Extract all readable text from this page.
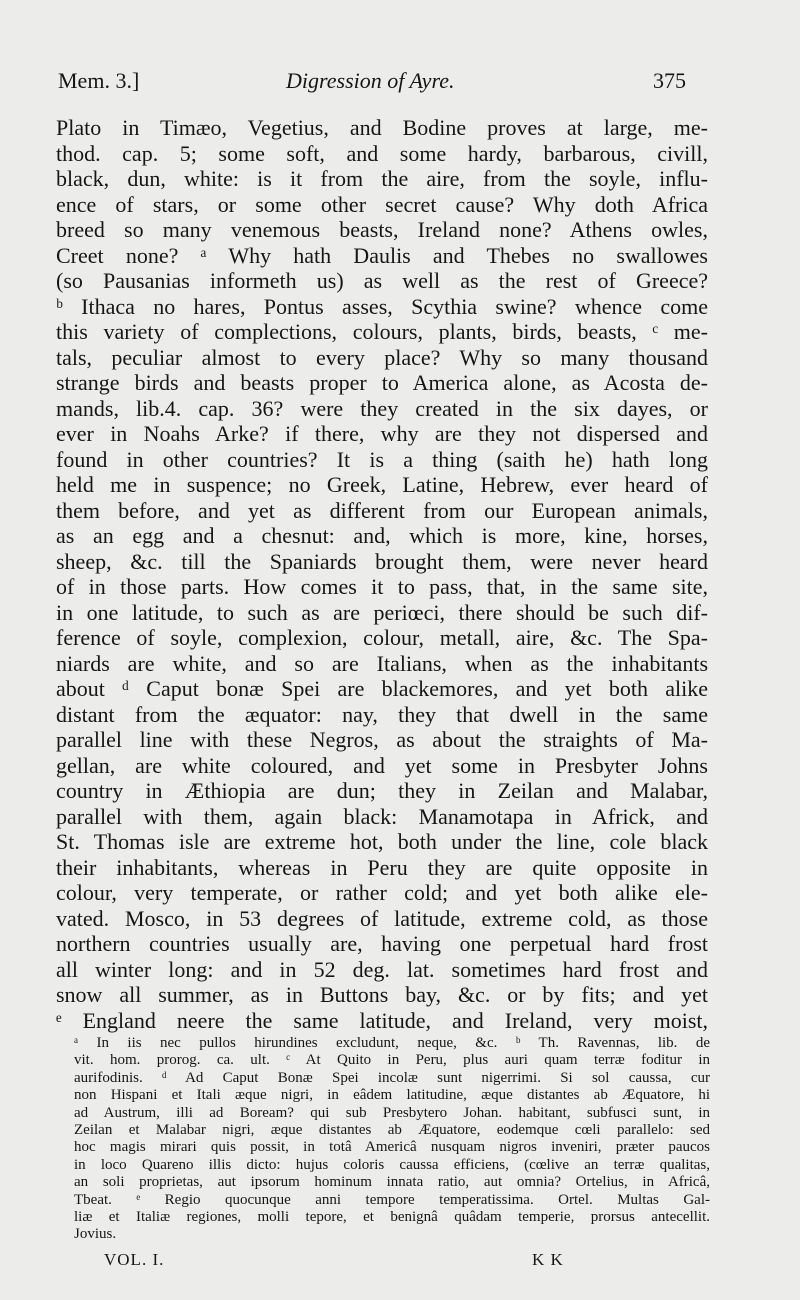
Mem. 3.]	Digression of Ayre.	375
Plato in Timæo, Vegetius, and Bodine proves at large, me-
thod. cap. 5; some soft, and some hardy, barbarous, civill,
black, dun, white: is it from the aire, from the soyle, influ-
ence of stars, or some other secret cause? Why doth Africa
breed so many venemous beasts, Ireland none? Athens owles,
Creet none? ᵃ Why hath Daulis and Thebes no swallowes
(so Pausanias informeth us) as well as the rest of Greece?
ᵇ Ithaca no hares, Pontus asses, Scythia swine? whence come
this variety of complections, colours, plants, birds, beasts, ᶜ me-
tals, peculiar almost to every place? Why so many thousand
strange birds and beasts proper to America alone, as Acosta de-
mands, lib.4. cap. 36? were they created in the six dayes, or
ever in Noahs Arke? if there, why are they not dispersed and
found in other countries? It is a thing (saith he) hath long
held me in suspence; no Greek, Latine, Hebrew, ever heard of
them before, and yet as different from our European animals,
as an egg and a chesnut: and, which is more, kine, horses,
sheep, &c. till the Spaniards brought them, were never heard
of in those parts. How comes it to pass, that, in the same site,
in one latitude, to such as are periœci, there should be such dif-
ference of soyle, complexion, colour, metall, aire, &c. The Spa-
niards are white, and so are Italians, when as the inhabitants
about ᵈ Caput bonæ Spei are blackemores, and yet both alike
distant from the æquator: nay, they that dwell in the same
parallel line with these Negros, as about the straights of Ma-
gellan, are white coloured, and yet some in Presbyter Johns
country in Æthiopia are dun; they in Zeilan and Malabar,
parallel with them, again black: Manamotapa in Africk, and
St. Thomas isle are extreme hot, both under the line, cole black
their inhabitants, whereas in Peru they are quite opposite in
colour, very temperate, or rather cold; and yet both alike ele-
vated. Mosco, in 53 degrees of latitude, extreme cold, as those
northern countries usually are, having one perpetual hard frost
all winter long: and in 52 deg. lat. sometimes hard frost and
snow all summer, as in Buttons bay, &c. or by fits; and yet
ᵉ England neere the same latitude, and Ireland, very moist,
ᵃ In iis nec pullos hirundines excludunt, neque, &c. ᵇ Th. Ravennas, lib. de
vit. hom. prorog. ca. ult. ᶜ At Quito in Peru, plus auri quam terræ foditur in
aurifodinis. ᵈ Ad Caput Bonæ Spei incolæ sunt nigerrimi. Si sol caussa, cur
non Hispani et Itali æque nigri, in eâdem latitudine, æque distantes ab Æquatore, hi
ad Austrum, illi ad Boream? qui sub Presbytero Johan. habitant, subfusci sunt, in
Zeilan et Malabar nigri, æque distantes ab Æquatore, eodemque cœli parallelo: sed
hoc magis mirari quis possit, in totâ Americâ nusquam nigros inveniri, præter paucos
in loco Quareno illis dicto: hujus coloris caussa efficiens, (cœlive an terræ qualitas,
an soli proprietas, aut ipsorum hominum innata ratio, aut omnia? Ortelius, in Africâ,
Tbeat. ᵉ Regio quocunque anni tempore temperatissima. Ortel. Multas Gal-
liæ et Italiæ regiones, molli tepore, et benignâ quâdam temperie, prorsus antecellit.
Jovius.
VOL. I.	K K
